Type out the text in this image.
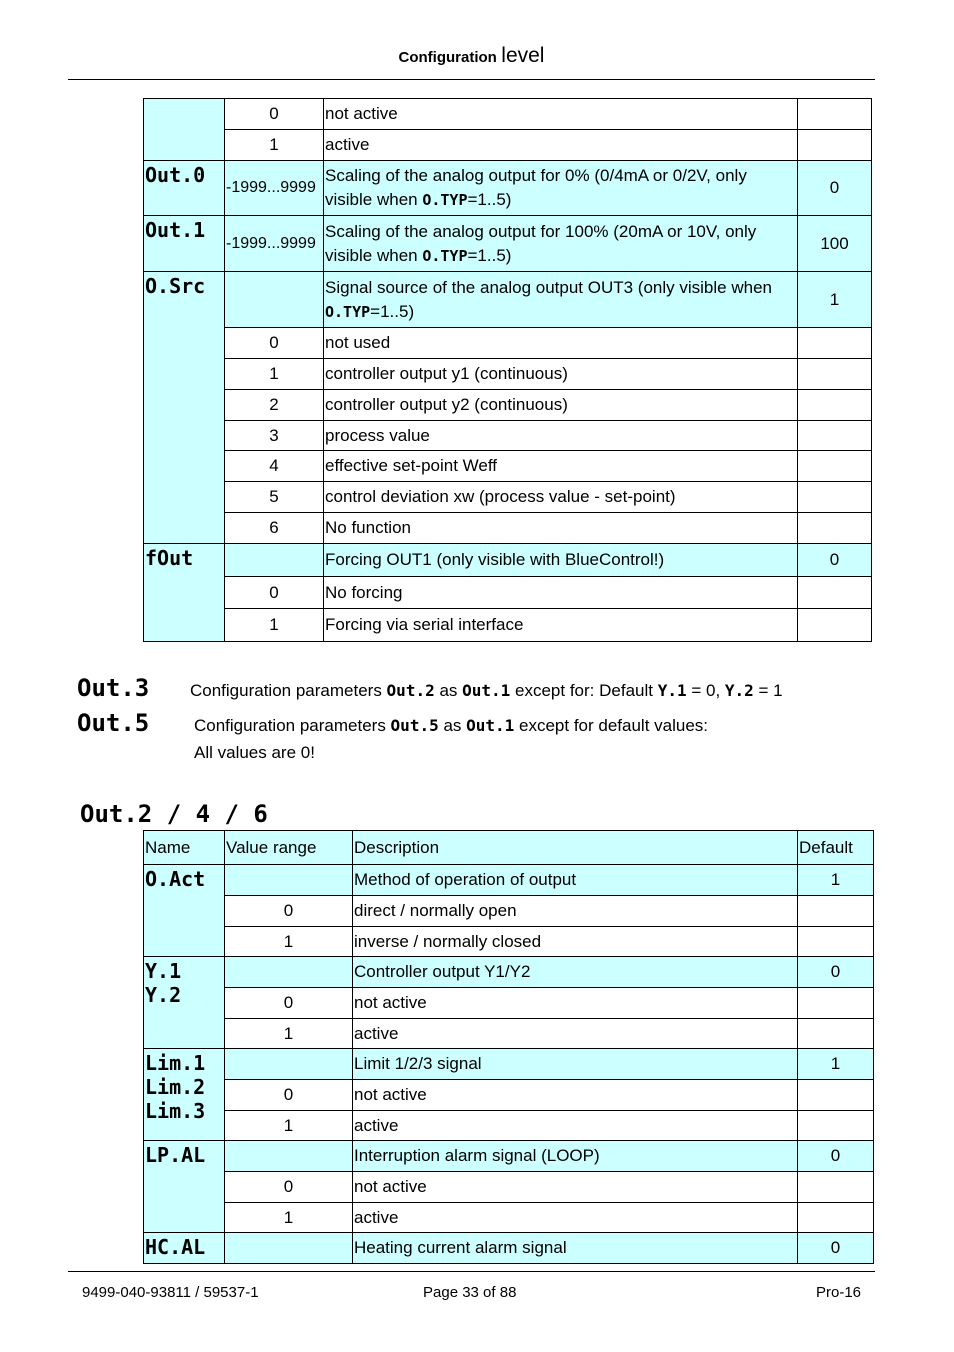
Configuration level
	0	not active	
	1	active	
Out.0	-1999...9999	Scaling of the analog output for 0% (0/4mA or 0/2V, only
visible when O.TYP=1..5)	0
Out.1	-1999...9999	Scaling of the analog output for 100% (20mA or 10V, only
visible when O.TYP=1..5)	100
O.Src		Signal source of the analog output OUT3 (only visible when
O.TYP=1..5)	1
	0	not used	
	1	controller output y1 (continuous)	
	2	controller output y2 (continuous)	
	3	process value	
	4	effective set-point Weff	
	5	control deviation xw (process value - set-point)	
	6	No function	
fOut		Forcing OUT1 (only visible with BlueControl!)	0
	0	No forcing	
	1	Forcing via serial interface	
Out.3 Configuration parameters Out.2 as Out.1 except for: Default Y.1 = 0, Y.2 = 1
Out.5	Configuration parameters Out.5 as Out.1 except for default values:
All values are 0!
Out.2 / 4 / 6
Name	Value range	Description	Default
O.Act		Method of operation of output	1
	0	direct / normally open	
	1	inverse / normally closed	
Y.1
Y.2		Controller output Y1/Y2	0
	0	not active	
	1	active	
Lim.1
Lim.2
Lim.3		Limit 1/2/3 signal	1
	0	not active	
	1	active	
LP.AL		Interruption alarm signal (LOOP)	0
	0	not active	
	1	active	
HC.AL		Heating current alarm signal	0
9499-040-93811 / 59537-1	Page 33 of 88	Pro-16
